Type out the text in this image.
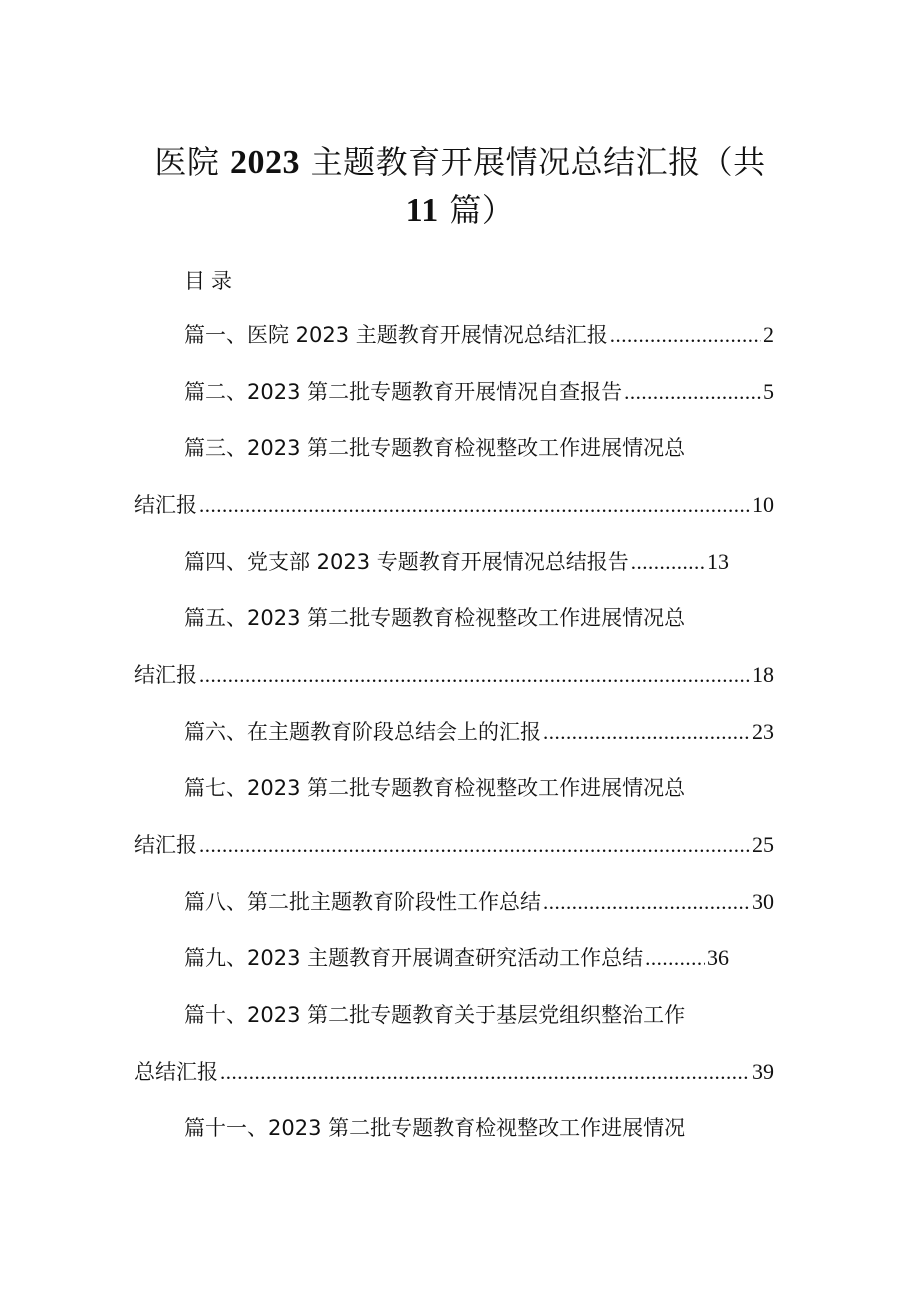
医院 2023 主题教育开展情况总结汇报（共
11 篇）
目录
篇一、医院 2023 主题教育开展情况总结汇报 .....	2
篇二、2023 第二批专题教育开展情况自查报告 .....	5
篇三、2023 第二批专题教育检视整改工作进展情况总
结汇报 .....	10
篇四、党支部 2023 专题教育开展情况总结报告 .....	13
篇五、2023 第二批专题教育检视整改工作进展情况总
结汇报 .....	18
篇六、在主题教育阶段总结会上的汇报 .....	23
篇七、2023 第二批专题教育检视整改工作进展情况总
结汇报 .....	25
篇八、第二批主题教育阶段性工作总结 .....	30
篇九、2023 主题教育开展调查研究活动工作总结 .....	36
篇十、2023 第二批专题教育关于基层党组织整治工作
总结汇报 .....	39
篇十一、2023 第二批专题教育检视整改工作进展情况
